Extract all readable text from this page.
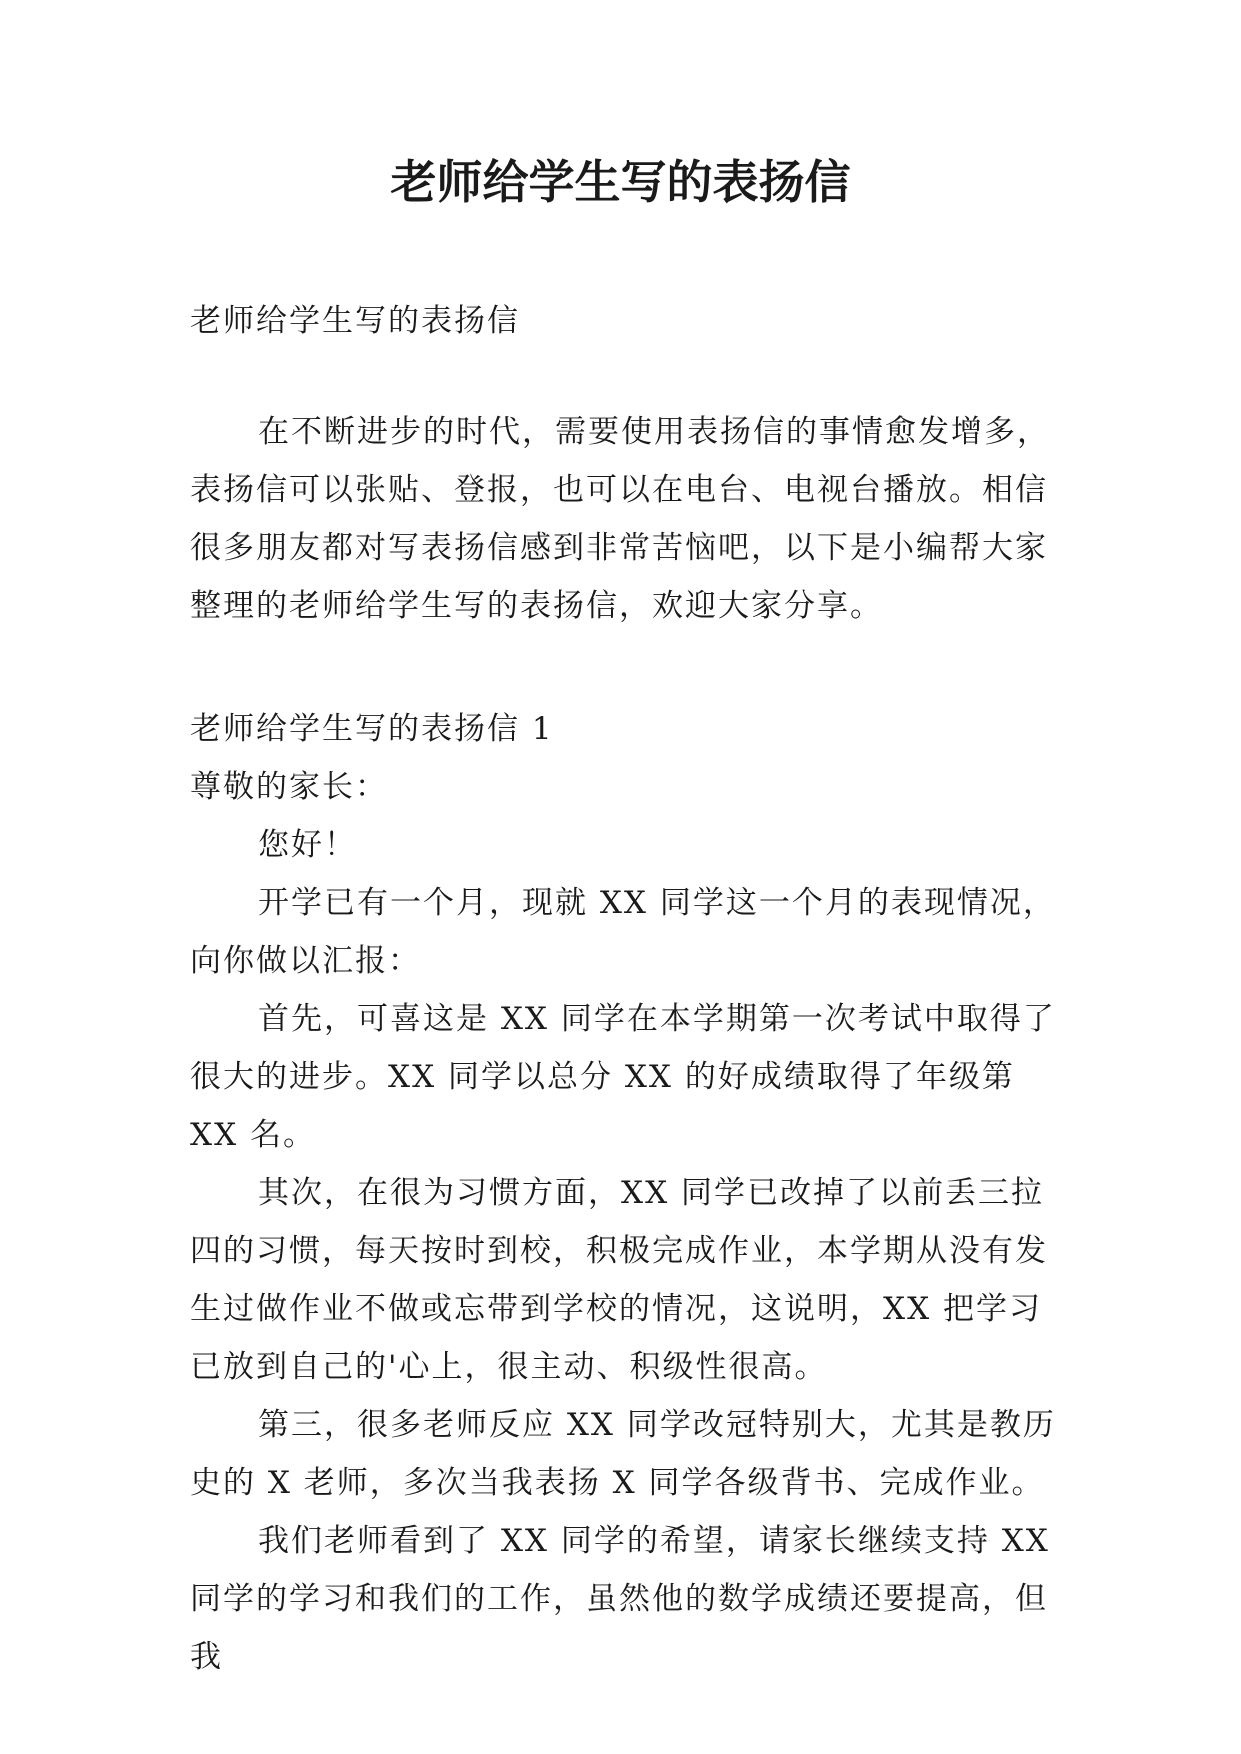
老师给学生写的表扬信

老师给学生写的表扬信

在不断进步的时代，需要使用表扬信的事情愈发增多，表扬信可以张贴、登报，也可以在电台、电视台播放。相信很多朋友都对写表扬信感到非常苦恼吧，以下是小编帮大家整理的老师给学生写的表扬信，欢迎大家分享。

老师给学生写的表扬信 1

尊敬的家长：

您好！

开学已有一个月，现就 XX 同学这一个月的表现情况，向你做以汇报：

首先，可喜这是 XX 同学在本学期第一次考试中取得了很大的进步。XX 同学以总分 XX 的好成绩取得了年级第 XX 名。

其次，在很为习惯方面，XX 同学已改掉了以前丢三拉四的习惯，每天按时到校，积极完成作业，本学期从没有发生过做作业不做或忘带到学校的情况，这说明，XX 把学习已放到自己的'心上，很主动、积级性很高。

第三，很多老师反应 XX 同学改冠特别大，尤其是教历史的 X 老师，多次当我表扬 X 同学各级背书、完成作业。

我们老师看到了 XX 同学的希望，请家长继续支持 XX 同学的学习和我们的工作，虽然他的数学成绩还要提高，但我
